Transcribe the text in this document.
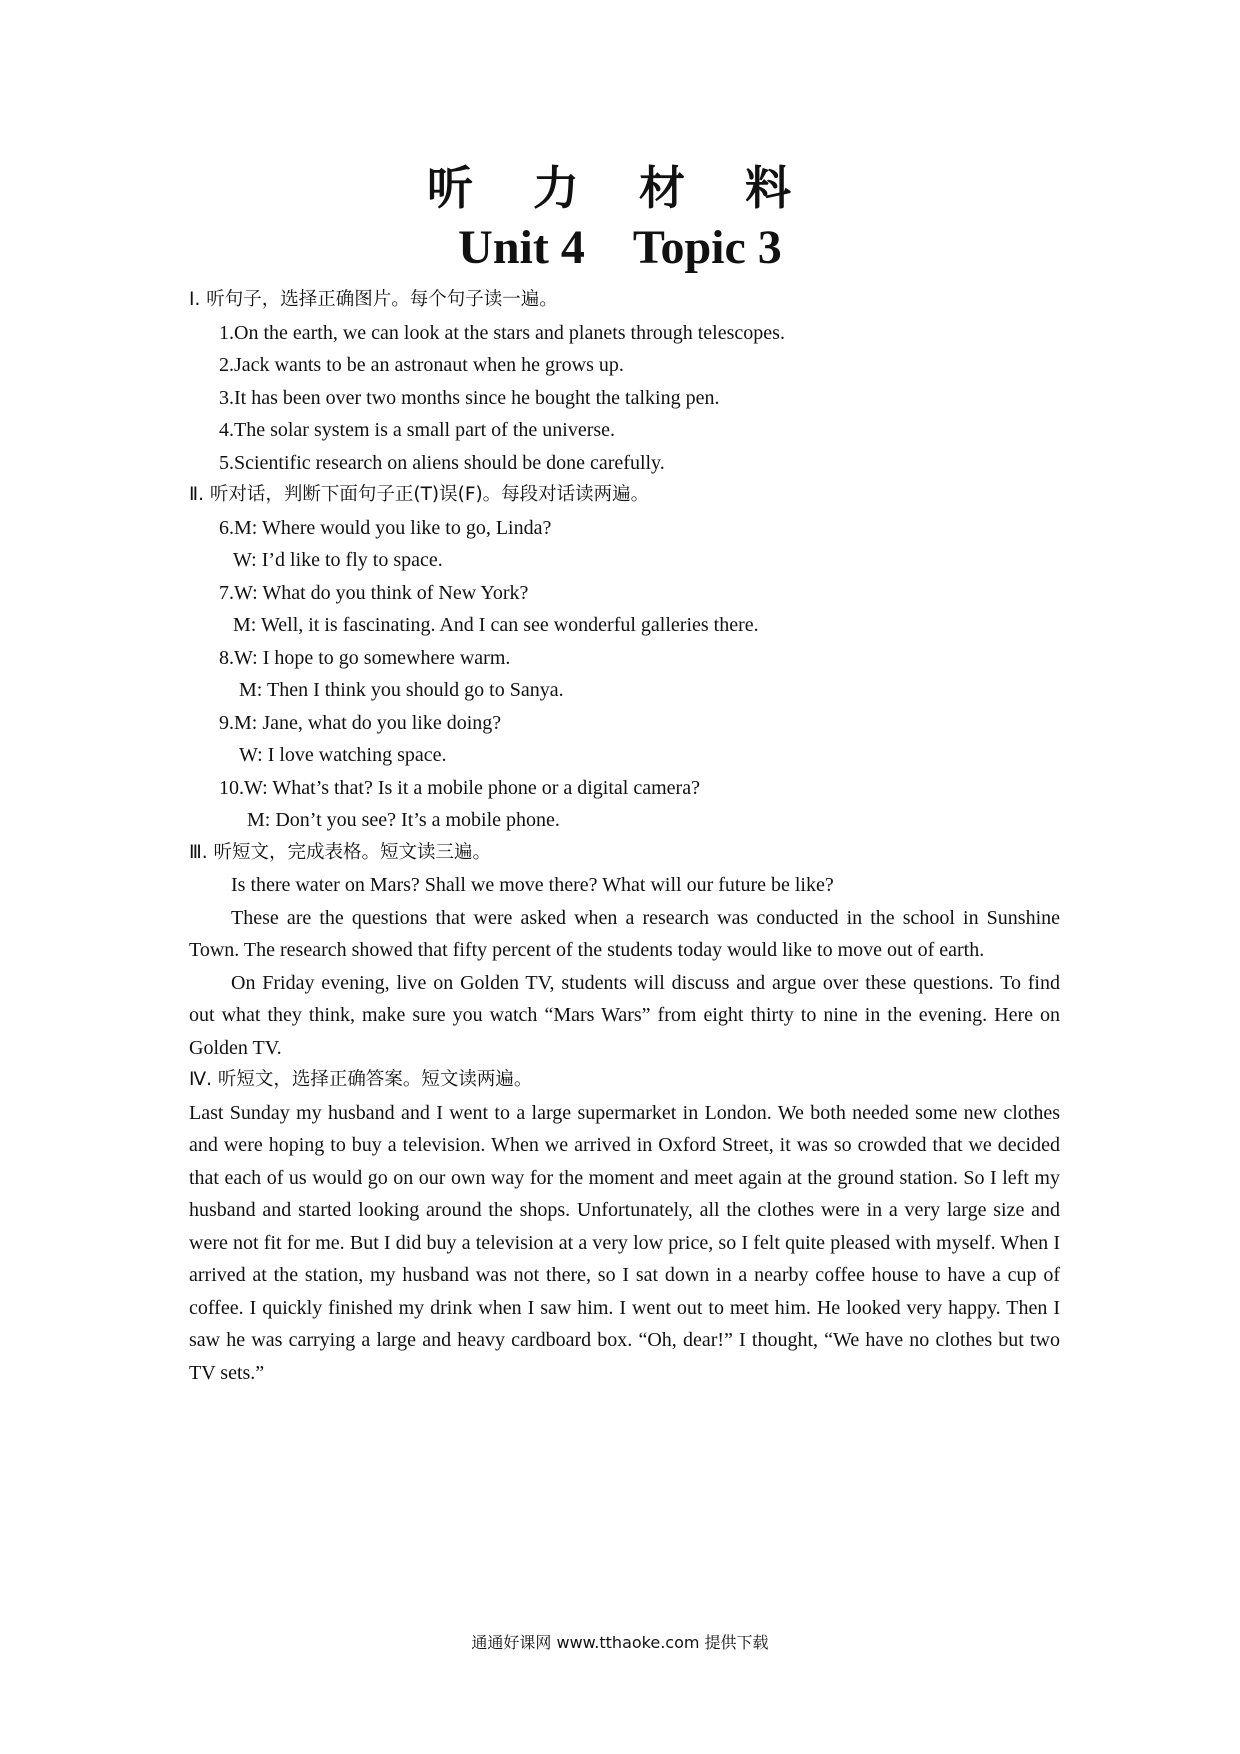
听 力 材 料
Unit 4 Topic 3

Ⅰ. 听句子，选择正确图片。每个句子读一遍。

1.On the earth, we can look at the stars and planets through telescopes.

2.Jack wants to be an astronaut when he grows up.

3.It has been over two months since he bought the talking pen.

4.The solar system is a small part of the universe.

5.Scientific research on aliens should be done carefully.

Ⅱ. 听对话，判断下面句子正(T)误(F)。每段对话读两遍。

6.M: Where would you like to go, Linda?

W: I’d like to fly to space.

7.W: What do you think of New York?

M: Well, it is fascinating. And I can see wonderful galleries there.

8.W: I hope to go somewhere warm.

M: Then I think you should go to Sanya.

9.M: Jane, what do you like doing?

W: I love watching space.

10.W: What’s that? Is it a mobile phone or a digital camera?

M: Don’t you see? It’s a mobile phone.

Ⅲ. 听短文，完成表格。短文读三遍。

Is there water on Mars? Shall we move there? What will our future be like?

These are the questions that were asked when a research was conducted in the school in Sunshine Town. The research showed that fifty percent of the students today would like to move out of earth.

On Friday evening, live on Golden TV, students will discuss and argue over these questions. To find out what they think, make sure you watch “Mars Wars” from eight thirty to nine in the evening. Here on Golden TV.

Ⅳ. 听短文，选择正确答案。短文读两遍。

Last Sunday my husband and I went to a large supermarket in London. We both needed some new clothes and were hoping to buy a television. When we arrived in Oxford Street, it was so crowded that we decided that each of us would go on our own way for the moment and meet again at the ground station. So I left my husband and started looking around the shops. Unfortunately, all the clothes were in a very large size and were not fit for me. But I did buy a television at a very low price, so I felt quite pleased with myself. When I arrived at the station, my husband was not there, so I sat down in a nearby coffee house to have a cup of coffee. I quickly finished my drink when I saw him. I went out to meet him. He looked very happy. Then I saw he was carrying a large and heavy cardboard box. “Oh, dear!” I thought, “We have no clothes but two TV sets.”

通通好课网 www.tthaoke.com 提供下载
